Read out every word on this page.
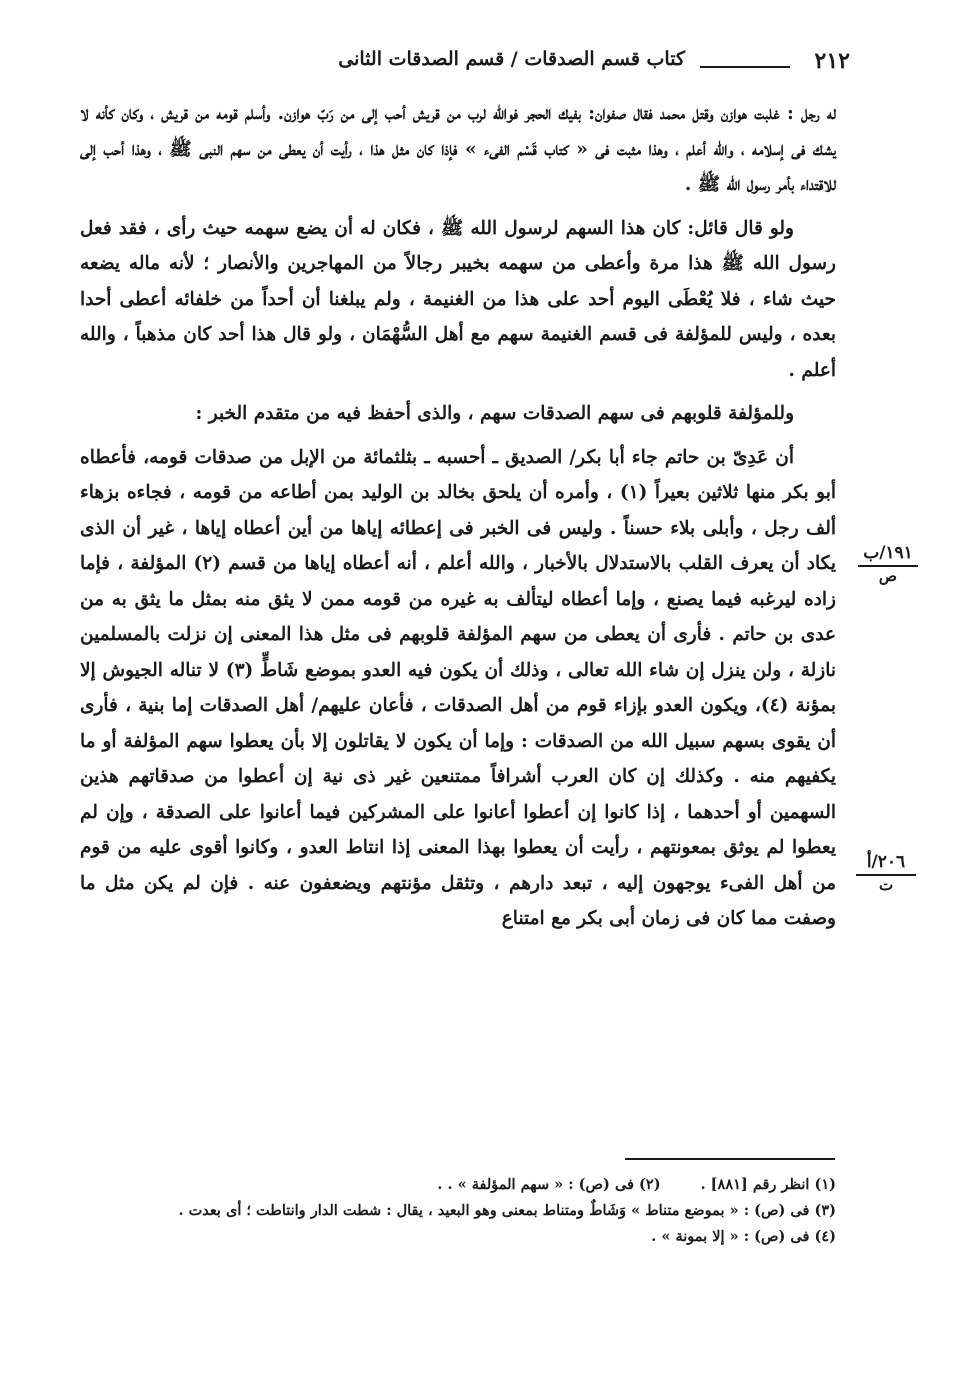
٢١٢
كتاب قسم الصدقات / قسم الصدقات الثانى

له رجل : غلبت هوازن وقتل محمد فقال صفوان: بفيك الحجر فوالله لرب من قريش أحب إلى من رَبّ هوازن. وأسلم قومه من قريش ، وكان كأنه لا يشك فى إسلامه ، والله أعلم ، وهذا مثبت فى « كتاب قَسْم الفىء » فإذا كان مثل هذا ، رأيت أن يعطى من سهم النبى ﷺ ، وهذا أحب إلى للاقتداء بأمر رسول الله ﷺ .

ولو قال قائل: كان هذا السهم لرسول الله ﷺ ، فكان له أن يضع سهمه حيث رأى ، فقد فعل رسول الله ﷺ هذا مرة وأعطى من سهمه بخيبر رجالاً من المهاجرين والأنصار ؛ لأنه ماله يضعه حيث شاء ، فلا يُعْطَى اليوم أحد على هذا من الغنيمة ، ولم يبلغنا أن أحداً من خلفائه أعطى أحدا بعده ، وليس للمؤلفة فى قسم الغنيمة سهم مع أهل السُّهْمَان ، ولو قال هذا أحد كان مذهباً ، والله أعلم .

وللمؤلفة قلوبهم فى سهم الصدقات سهم ، والذى أحفظ فيه من متقدم الخبر :

أن عَدِىّ بن حاتم جاء أبا بكر/ الصديق ـ أحسبه ـ بثلثمائة من الإبل من صدقات قومه، فأعطاه أبو بكر منها ثلاثين بعيراً (١) ، وأمره أن يلحق بخالد بن الوليد بمن أطاعه من قومه ، فجاءه بزهاء ألف رجل ، وأبلى بلاء حسناً . وليس فى الخبر فى إعطائه إياها من أين أعطاه إياها ، غير أن الذى يكاد أن يعرف القلب بالاستدلال بالأخبار ، والله أعلم ، أنه أعطاه إياها من قسم (٢) المؤلفة ، فإما زاده ليرغبه فيما يصنع ، وإما أعطاه ليتألف به غيره من قومه ممن لا يثق منه بمثل ما يثق به من عدى بن حاتم . فأرى أن يعطى من سهم المؤلفة قلوبهم فى مثل هذا المعنى إن نزلت بالمسلمين نازلة ، ولن ينزل إن شاء الله تعالى ، وذلك أن يكون فيه العدو بموضع شَاطٍّ (٣) لا تناله الجيوش إلا بمؤنة (٤)، ويكون العدو بإزاء قوم من أهل الصدقات ، فأعان عليهم/ أهل الصدقات إما بنية ، فأرى أن يقوى بسهم سبيل الله من الصدقات : وإما أن يكون لا يقاتلون إلا بأن يعطوا سهم المؤلفة أو ما يكفيهم منه . وكذلك إن كان العرب أشرافاً ممتنعين غير ذى نية إن أعطوا من صدقاتهم هذين السهمين أو أحدهما ، إذا كانوا إن أعطوا أعانوا على المشركين فيما أعانوا على الصدقة ، وإن لم يعطوا لم يوثق بمعونتهم ، رأيت أن يعطوا بهذا المعنى إذا انتاط العدو ، وكانوا أقوى عليه من قوم من أهل الفىء يوجهون إليه ، تبعد دارهم ، وتثقل مؤنتهم ويضعفون عنه . فإن لم يكن مثل ما وصفت مما كان فى زمان أبى بكر مع امتناع

١٩١/ب
ص
٢٠٦/أ
ت

(١) انظر رقم [٨٨١] .(٢) فى (ص) : « سهم المؤلفة » . .

(٣) فى (ص) : « بموضع متناط » وَشَاطٌ ومتناط بمعنى وهو البعيد ، يقال : شطت الدار وانتاطت ؛ أى بعدت .

(٤) فى (ص) : « إلا بمونة » .
